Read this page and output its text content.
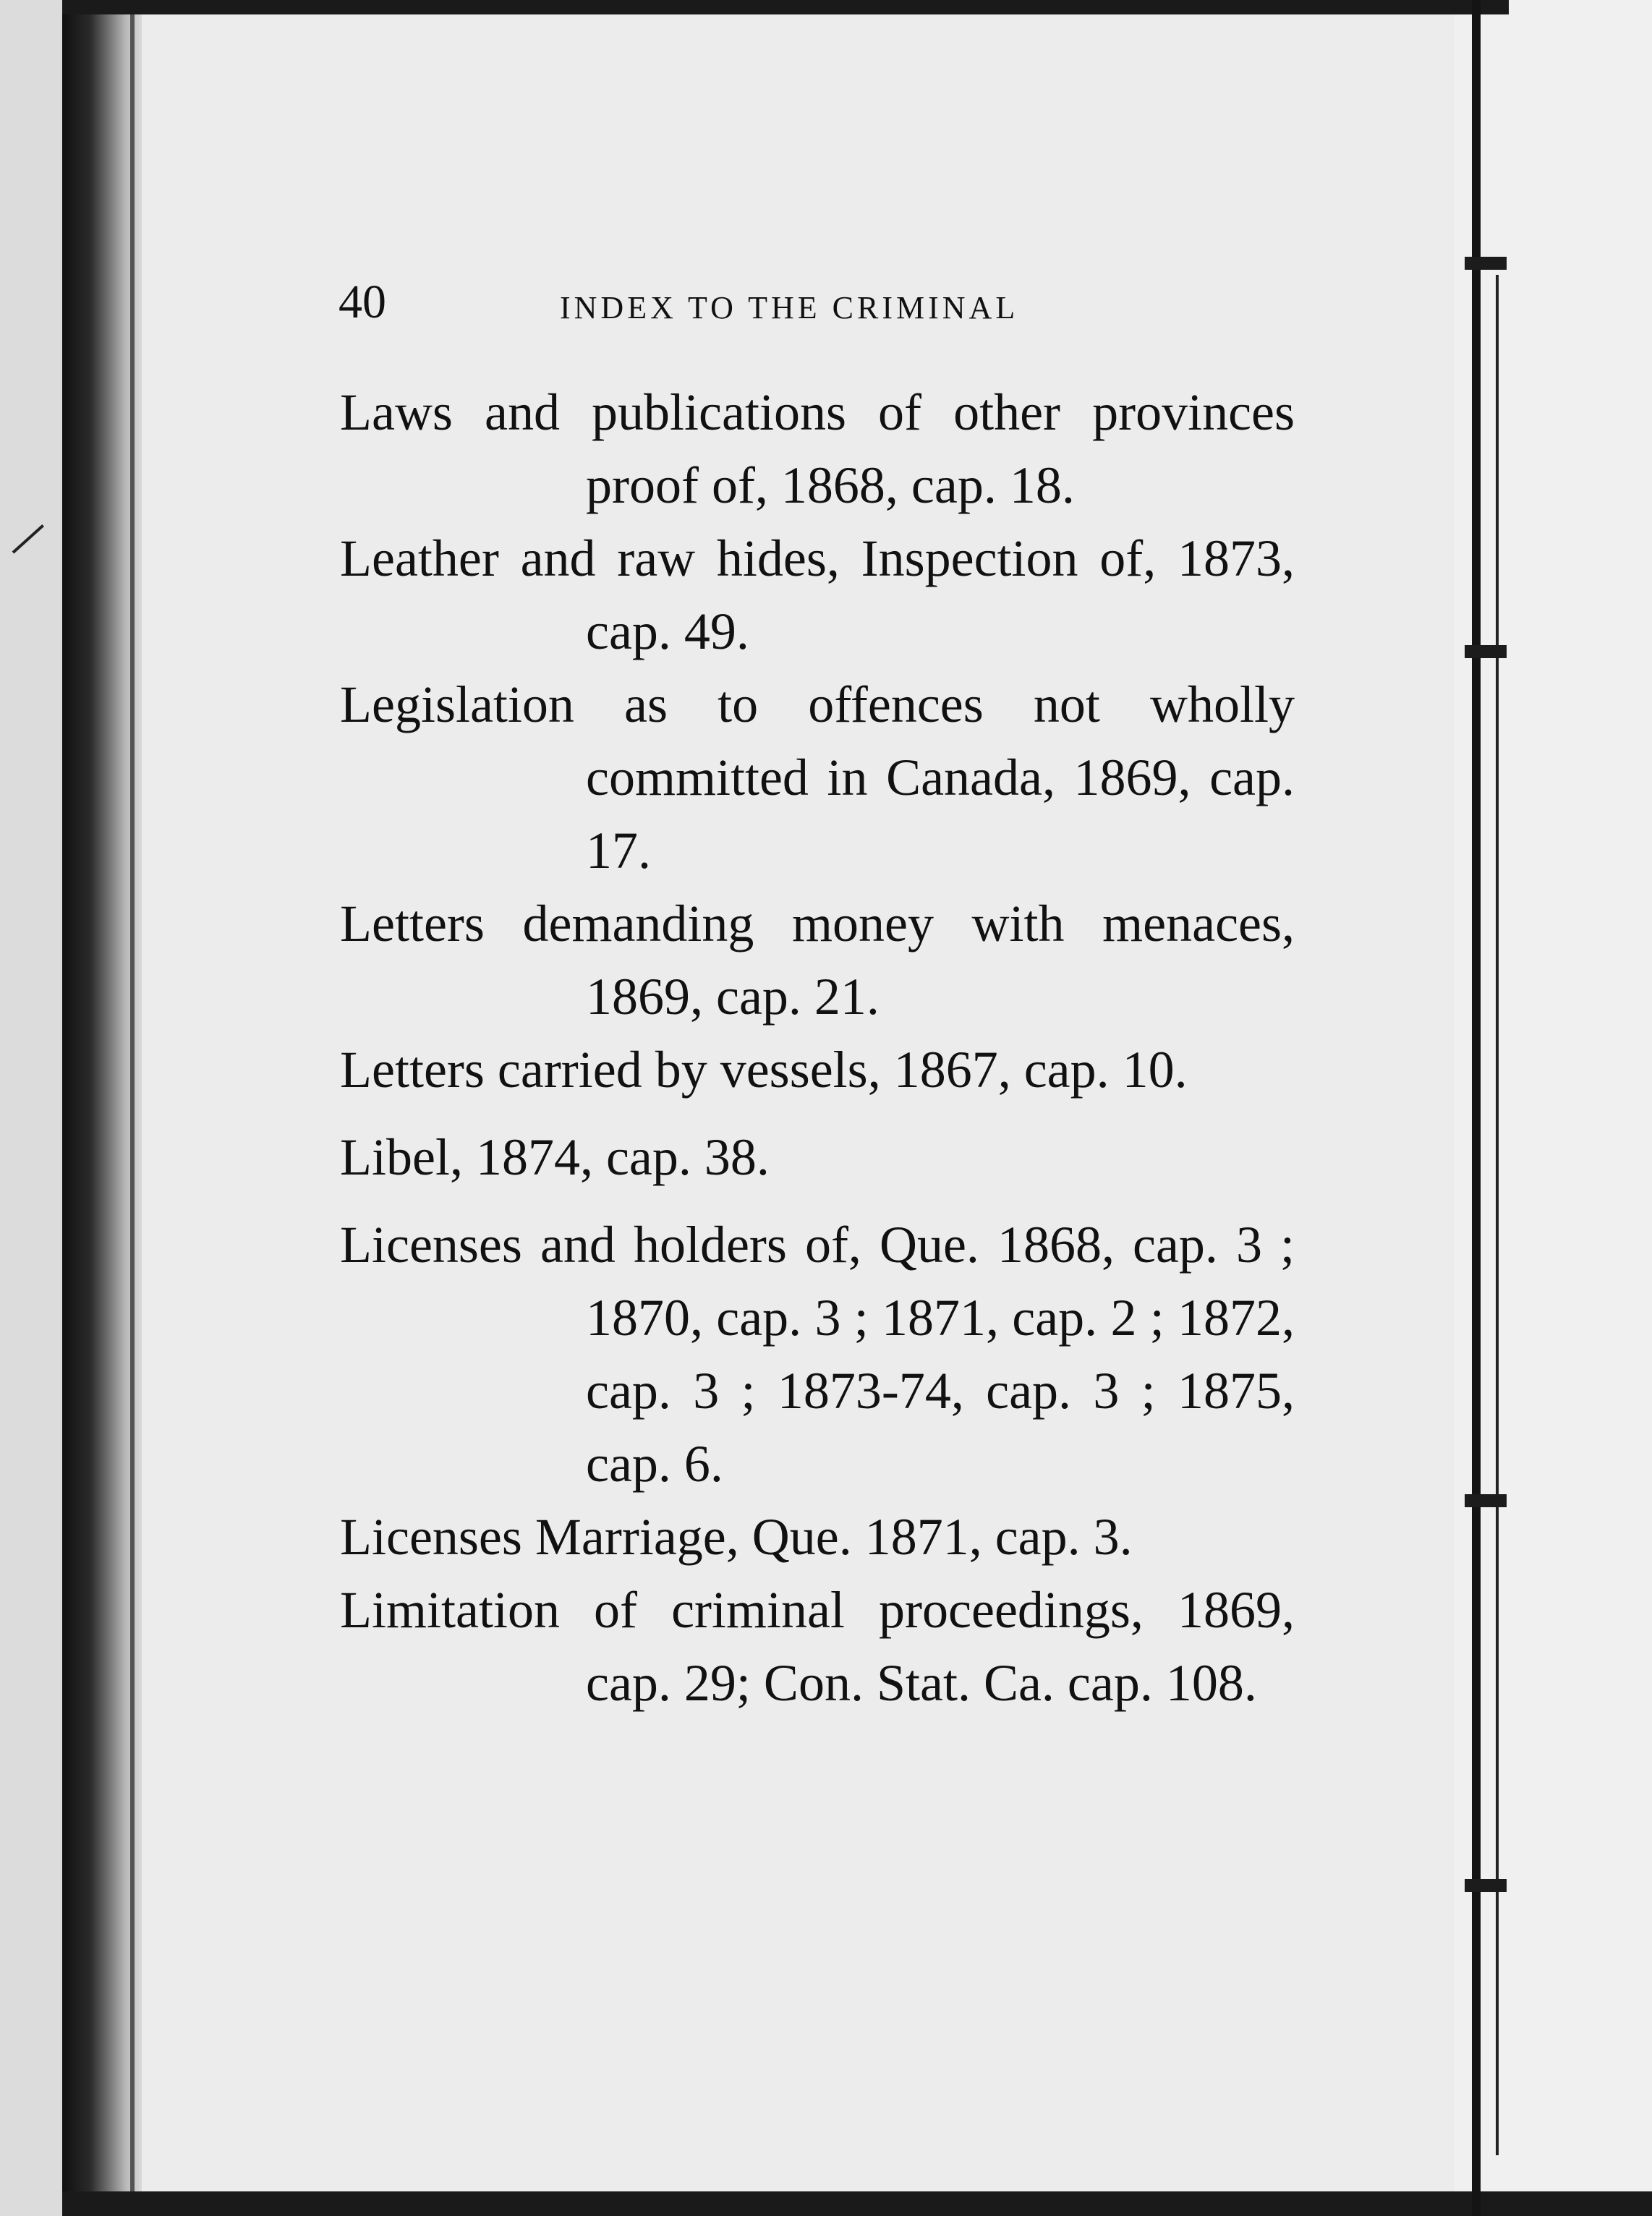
40	INDEX TO THE CRIMINAL
Laws and publications of other provinces proof of, 1868, cap. 18.
Leather and raw hides, Inspection of, 1873, cap. 49.
Legislation as to offences not wholly committed in Canada, 1869, cap. 17.
Letters demanding money with menaces, 1869, cap. 21.
Letters carried by vessels, 1867, cap. 10.
Libel, 1874, cap. 38.
Licenses and holders of, Que. 1868, cap. 3 ; 1870, cap. 3 ; 1871, cap. 2 ; 1872, cap. 3 ; 1873-74, cap. 3 ; 1875, cap. 6.
Licenses Marriage, Que. 1871, cap. 3.
Limitation of criminal proceedings, 1869, cap. 29; Con. Stat. Ca. cap. 108.
